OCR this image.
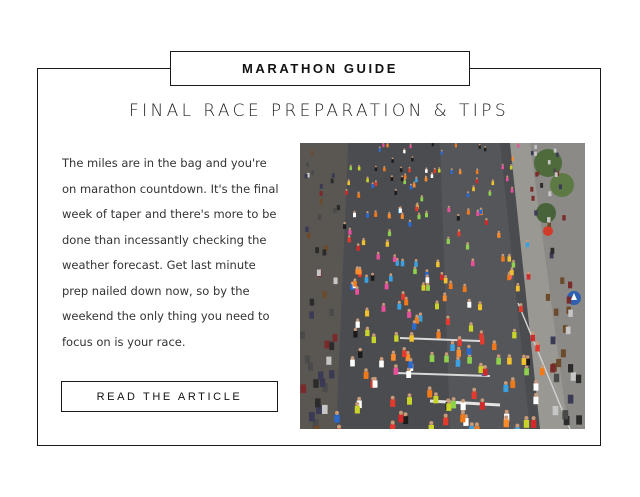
MARATHON GUIDE
FINAL RACE PREPARATION & TIPS

The miles are in the bag and you're on marathon countdown. It's the final week of taper and there's more to be done than incessantly checking the weather forecast. Get last minute prep nailed down now, so by the weekend the only thing you need to focus on is your race.

READ THE ARTICLE
